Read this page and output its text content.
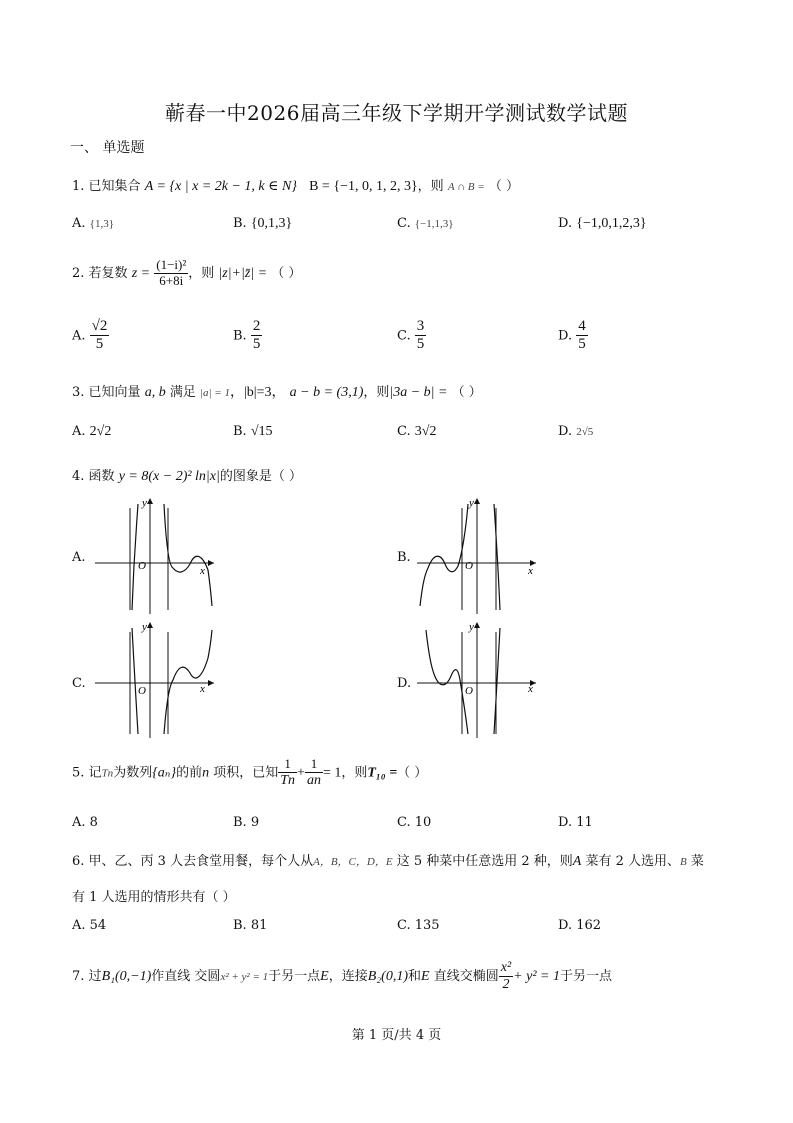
蕲春一中2026届高三年级下学期开学测试数学试题
一、 单选题
1. 已知集合 A = {x | x = 2k − 1, k ∈ N} B = {−1, 0, 1, 2, 3}，则 A ∩ B = （ ）
A. {1,3}	B. {0,1,3}	C. {−1,1,3}	D. {−1,0,1,2,3}
2. 若复数 $z = \frac{\text{(1−i)²}}{6+8i}$ ，则 |z|+|z̄| = （ ）
A. $\frac{√2}{5}$	B. $\frac{2}{5}$	C. $\frac{3}{5}$	D. $\frac{4}{5}$
3. 已知向量 a, b 满足 |a| = 1，|b|=3， a − b = (3,1)，则|3a − b| = （ ）
A. 2√2	B. √15	C. 3√2	D. 2√5
4. 函数 y = 8(x − 2)² ln|x|的图象是（ ）
A.	B.
C.	D.
O	x
y
O	x
y
O	x
y
O	x
y
5. 记Tn为数列{aₙ}的前n 项积，已知 $\frac{1}{Tn} + \frac{1}{an} = 1$，则T₁₀ =（ ）
A. 8	B. 9	C. 10	D. 11
6. 甲、乙、丙 3 人去食堂用餐，每个人从A，B，C，D，E 这 5 种菜中任意选用 2 种，则A 菜有 2 人选用、B 菜
有 1 人选用的情形共有（ ）
A. 54	B. 81	C. 135	D. 162
7. 过B₁(0,−1)作直线 交圆x² + y² = 1于另一点E，连接B₂(0,1)和E 直线交椭圆 $\frac{\text{x²}}{2} + y^2 = 1$于另一点
第 1 页/共 4 页
